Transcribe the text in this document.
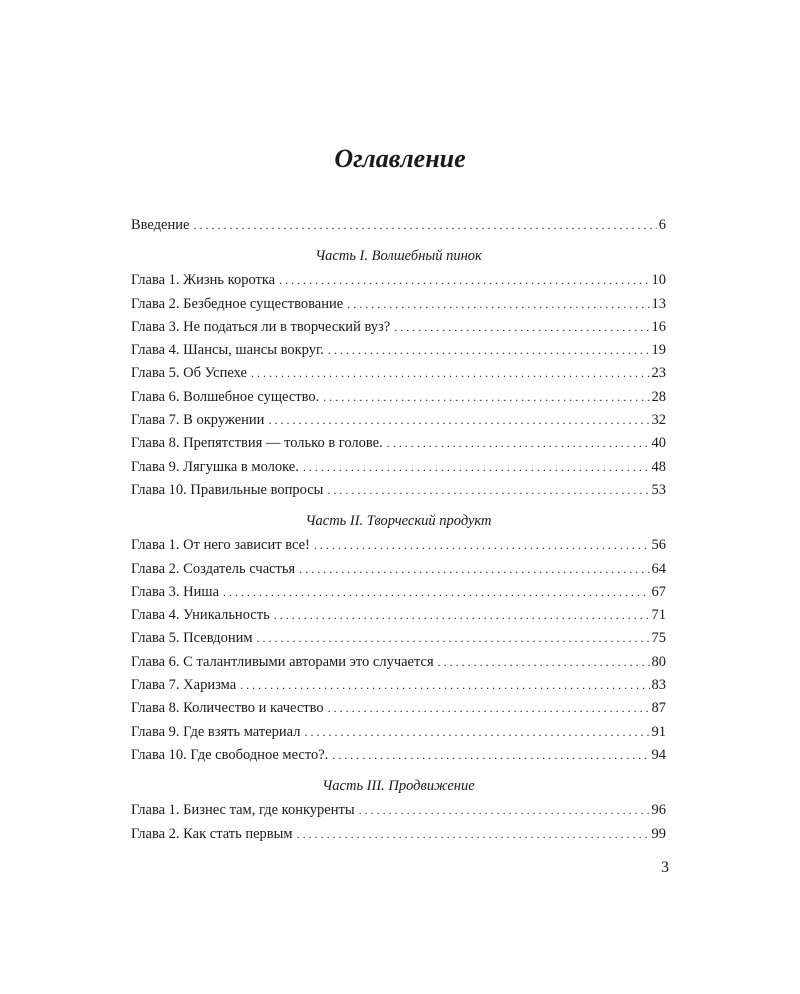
Оглавление
Введение . . .	6
Часть I. Волшебный пинок
Глава 1. Жизнь коротка . . .	10
Глава 2. Безбедное существование . . .	13
Глава 3. Не податься ли в творческий вуз? . . .	16
Глава 4. Шансы, шансы вокруг. . . .	19
Глава 5. Об Успехе . . .	23
Глава 6. Волшебное существо. . . .	28
Глава 7. В окружении . . .	32
Глава 8. Препятствия — только в голове. . . .	40
Глава 9. Лягушка в молоке. . . .	48
Глава 10. Правильные вопросы . . .	53
Часть II. Творческий продукт
Глава 1. От него зависит все! . . .	56
Глава 2. Создатель счастья . . .	64
Глава 3. Ниша . . .	67
Глава 4. Уникальность . . .	71
Глава 5. Псевдоним . . .	75
Глава 6. С талантливыми авторами это случается . . .	80
Глава 7. Харизма . . .	83
Глава 8. Количество и качество . . .	87
Глава 9. Где взять материал . . .	91
Глава 10. Где свободное место?. . . .	94
Часть III. Продвижение
Глава 1. Бизнес там, где конкуренты . . .	96
Глава 2. Как стать первым . . .	99
3
